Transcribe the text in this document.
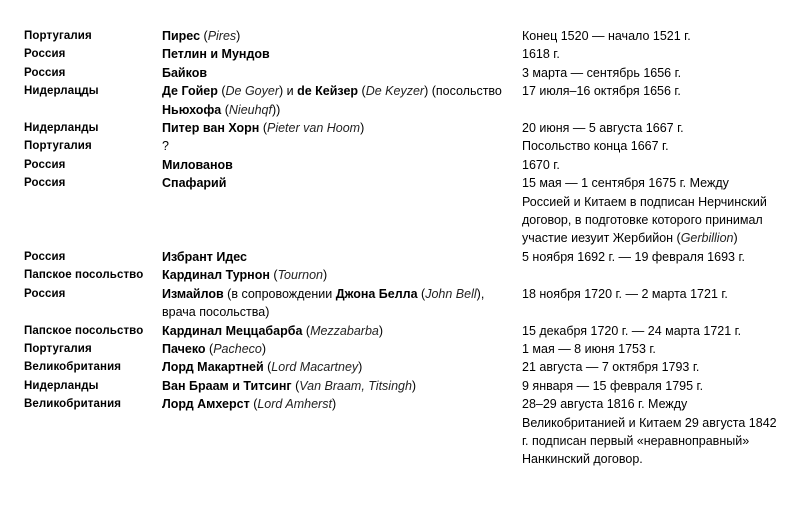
Португалия	Пирес (Pires)	Конец 1520 — начало 1521 г.
Россия	Петлин и Мундов	1618 г.
Россия	Байков	3 марта — сентябрь 1656 г.
Нидерлацды	Де Гойер (De Goyer) и de Кейзер (De Keyzer) (посольство Ньюхофа (Nieuhqf))	17 июля–16 октября 1656 г.
Нидерланды	Питер ван Хорн (Pieter van Hoom)	20 июня — 5 августа 1667 г.
Португалия	?	Посольство конца 1667 г.
Россия	Милованов	1670 г.
Россия	Спафарий	15 мая — 1 сентября 1675 г. Между Россией и Китаем в подписан Нерчинский договор, в подготовке которого принимал участие иезуит Жербийон (Gerbillion)
Россия	Избрант Идес	5 ноября 1692 г. — 19 февраля 1693 г.
Папское посольство	Кардинал Турнон (Tournon)	
Россия	Измайлов (в сопровождении Джона Белла (John Bell), врача посольства)	18 ноября 1720 г. — 2 марта 1721 г.
Папское посольство	Кардинал Меццабарба (Mezzabarba)	15 декабря 1720 г. — 24 марта 1721 г.
Португалия	Пачеко (Pacheco)	1 мая — 8 июня 1753 г.
Великобритания	Лорд Макартней (Lord Macartney)	21 августа — 7 октября 1793 г.
Нидерланды	Ван Браам и Титсинг (Van Braam, Titsingh)	9 января — 15 февраля 1795 г.
Великобритания	Лорд Амхерст (Lord Amherst)	28–29 августа 1816 г. Между Великобританией и Китаем 29 августа 1842 г. подписан первый «неравноправный» Нанкинский договор.
